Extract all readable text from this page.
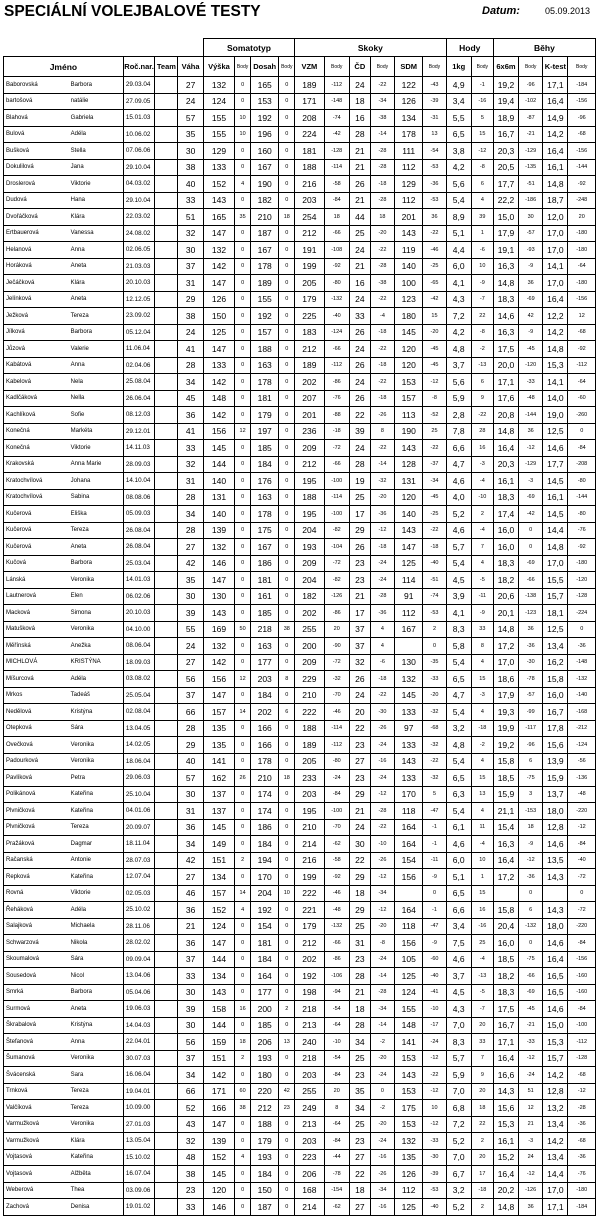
SPECIÁLNÍ VOLEJBALOVÉ TESTY	Datum:	05.09.2013
					Somatotyp				Skoky						Hody		Běhy			
Jméno		Roč.nar.	Team	Váha	Výška	Body	Dosah	Body	VZM	Body	ČD	Body	SDM	Body	1kg	Body	6x6m	Body	K-test	Body
Baborovská	Barbora	29.03.04		27	132	0	165	0	189	-112	24	-22	122	-43	4,9	-1	19,2	-96	17,1	-184
bartošová	natálie	27.09.05		24	124	0	153	0	171	-148	18	-34	126	-39	3,4	-16	19,4	-102	16,4	-156
Blahová	Gabriela	15.01.03		57	155	10	192	0	208	-74	16	-38	134	-31	5,5	5	18,9	-87	14,9	-96
Bulová	Adéla	10.06.02		35	155	10	196	0	224	-42	28	-14	178	13	6,5	15	16,7	-21	14,2	-68
Bušková	Stella	07.06.06		30	129	0	160	0	181	-128	21	-28	111	-54	3,8	-12	20,3	-129	16,4	-156
Dokulilová	Jana	29.10.04		38	133	0	167	0	188	-114	21	-28	112	-53	4,2	-8	20,5	-135	16,1	-144
Droslerová	Viktorie	04.03.02		40	152	4	190	0	216	-58	26	-18	129	-36	5,6	6	17,7	-51	14,8	-92
Dudová	Hana	29.10.04		33	143	0	182	0	203	-84	21	-28	112	-53	5,4	4	22,2	-186	18,7	-248
Dvořáčková	Klára	22.03.02		51	165	35	210	18	254	18	44	18	201	36	8,9	39	15,0	30	12,0	20
Ertbauerová	Vanessa	24.08.02		32	147	0	187	0	212	-66	25	-20	143	-22	5,1	1	17,9	-57	17,0	-180
Helanová	Anna	02.06.05		30	132	0	167	0	191	-108	24	-22	119	-46	4,4	-6	19,1	-93	17,0	-180
Horáková	Aneta	21.03.03		37	142	0	178	0	199	-92	21	-28	140	-25	6,0	10	16,3	-9	14,1	-64
Ječáčková	Klára	20.10.03		31	147	0	189	0	205	-80	16	-38	100	-65	4,1	-9	14,8	36	17,0	-180
Jelínková	Aneta	12.12.05		29	126	0	155	0	179	-132	24	-22	123	-42	4,3	-7	18,3	-69	16,4	-156
Ježková	Tereza	23.09.02		38	150	0	192	0	225	-40	33	-4	180	15	7,2	22	14,6	42	12,2	12
Jílková	Barbora	05.12.04		24	125	0	157	0	183	-124	26	-18	145	-20	4,2	-8	16,3	-9	14,2	-68
Jůzová	Valerie	11.06.04		41	147	0	188	0	212	-66	24	-22	120	-45	4,8	-2	17,5	-45	14,8	-92
Kabátová	Anna	02.04.06		28	133	0	163	0	189	-112	26	-18	120	-45	3,7	-13	20,0	-120	15,3	-112
Kabelová	Nela	25.08.04		34	142	0	178	0	202	-86	24	-22	153	-12	5,6	6	17,1	-33	14,1	-64
Kadlčáková	Nella	26.06.04		45	148	0	181	0	207	-76	26	-18	157	-8	5,9	9	17,6	-48	14,0	-60
Kachlíková	Sofie	08.12.03		36	142	0	179	0	201	-88	22	-26	113	-52	2,8	-22	20,8	-144	19,0	-260
Konečná	Markéta	29.12.01		41	156	12	197	0	236	-18	39	8	190	25	7,8	28	14,8	36	12,5	0
Konečná	Viktorie	14.11.03		33	145	0	185	0	209	-72	24	-22	143	-22	6,6	16	16,4	-12	14,6	-84
Krakovská	Anna Marie	28.09.03		32	144	0	184	0	212	-66	28	-14	128	-37	4,7	-3	20,3	-129	17,7	-208
Kratochvílová	Johana	14.10.04		31	140	0	176	0	195	-100	19	-32	131	-34	4,6	-4	16,1	-3	14,5	-80
Kratochvílová	Sabina	08.08.06		28	131	0	163	0	188	-114	25	-20	120	-45	4,0	-10	18,3	-69	16,1	-144
Kučerová	Eliška	05.09.03		34	140	0	178	0	195	-100	17	-36	140	-25	5,2	2	17,4	-42	14,5	-80
Kučerová	Tereza	26.08.04		28	139	0	175	0	204	-82	29	-12	143	-22	4,6	-4	16,0	0	14,4	-76
Kučerová	Aneta	26.08.04		27	132	0	167	0	193	-104	26	-18	147	-18	5,7	7	16,0	0	14,8	-92
Kučová	Barbora	25.03.04		42	146	0	186	0	209	-72	23	-24	125	-40	5,4	4	18,3	-69	17,0	-180
Lánská	Veronika	14.01.03		35	147	0	181	0	204	-82	23	-24	114	-51	4,5	-5	18,2	-66	15,5	-120
Lautnerová	Elen	06.02.06		30	130	0	161	0	182	-126	21	-28	91	-74	3,9	-11	20,6	-138	15,7	-128
Macková	Simona	20.10.03		39	143	0	185	0	202	-86	17	-36	112	-53	4,1	-9	20,1	-123	18,1	-224
Matušková	Veronika	04.10.00		55	169	50	218	38	255	20	37	4	167	2	8,3	33	14,8	36	12,5	0
Měřínská	Anežka	08.06.04		24	132	0	163	0	200	-90	37	4		0	5,8	8	17,2	-36	13,4	-36
MICHLOVÁ	KRISTÝNA	18.09.03		27	142	0	177	0	209	-72	32	-6	130	-35	5,4	4	17,0	-30	16,2	-148
Míšurcová	Adéla	03.08.02		56	156	12	203	8	229	-32	26	-18	132	-33	6,5	15	18,6	-78	15,8	-132
Mrkos	Tadeáš	25.05.04		37	147	0	184	0	210	-70	24	-22	145	-20	4,7	-3	17,9	-57	16,0	-140
Nedělová	Kristýna	02.08.04		66	157	14	202	6	222	-46	20	-30	133	-32	5,4	4	19,3	-99	16,7	-168
Otepková	Sára	13.04.05		28	135	0	166	0	188	-114	22	-26	97	-68	3,2	-18	19,9	-117	17,8	-212
Ovečková	Veronika	14.02.05		29	135	0	166	0	189	-112	23	-24	133	-32	4,8	-2	19,2	-96	15,6	-124
Padourková	Veronika	18.06.04		40	141	0	178	0	205	-80	27	-16	143	-22	5,4	4	15,8	6	13,9	-56
Pavlíková	Petra	29.06.03		57	162	26	210	18	233	-24	23	-24	133	-32	6,5	15	18,5	-75	15,9	-136
Polikánová	Kateřina	25.10.04		30	137	0	174	0	203	-84	29	-12	170	5	6,3	13	15,9	3	13,7	-48
Plvničková	Kateřina	04.01.06		31	137	0	174	0	195	-100	21	-28	118	-47	5,4	4	21,1	-153	18,0	-220
Plvničková	Tereza	20.09.07		36	145	0	186	0	210	-70	24	-22	164	-1	6,1	11	15,4	18	12,8	-12
Pražáková	Dagmar	18.11.04		34	149	0	184	0	214	-62	30	-10	164	-1	4,6	-4	16,3	-9	14,6	-84
Račanská	Antonie	28.07.03		42	151	2	194	0	216	-58	22	-26	154	-11	6,0	10	16,4	-12	13,5	-40
Repková	Kateřina	12.07.04		27	134	0	170	0	199	-92	29	-12	156	-9	5,1	1	17,2	-36	14,3	-72
Rovná	Viktorie	02.05.03		46	157	14	204	10	222	-46	18	-34		0	6,5	15		0		0
Řeháková	Adéla	25.10.02		36	152	4	192	0	221	-48	29	-12	164	-1	6,6	16	15,8	6	14,3	-72
Salajková	Michaela	28.11.06		21	124	0	154	0	179	-132	25	-20	118	-47	3,4	-16	20,4	-132	18,0	-220
Schwarzová	Nikola	28.02.02		36	147	0	181	0	212	-66	31	-8	156	-9	7,5	25	16,0	0	14,6	-84
Skoumalová	Sára	09.09.04		37	144	0	184	0	202	-86	23	-24	105	-60	4,6	-4	18,5	-75	16,4	-156
Sousedová	Nicol	13.04.06		33	134	0	164	0	192	-106	28	-14	125	-40	3,7	-13	18,2	-66	16,5	-160
Smrká	Barbora	05.04.06		30	143	0	177	0	198	-94	21	-28	124	-41	4,5	-5	18,3	-69	16,5	-160
Surmová	Aneta	19.06.03		39	158	16	200	2	218	-54	18	-34	155	-10	4,3	-7	17,5	-45	14,6	-84
Škrabalová	Kristýna	14.04.03		30	144	0	185	0	213	-64	28	-14	148	-17	7,0	20	16,7	-21	15,0	-100
Štefanová	Anna	22.04.01		56	159	18	206	13	240	-10	34	-2	141	-24	8,3	33	17,1	-33	15,3	-112
Šumanová	Veronika	30.07.03		37	151	2	193	0	218	-54	25	-20	153	-12	5,7	7	16,4	-12	15,7	-128
Švácenská	Sara	16.06.04		34	142	0	180	0	203	-84	23	-24	143	-22	5,9	9	16,6	-24	14,2	-68
Trnková	Tereza	19.04.01		66	171	60	220	42	255	20	35	0	153	-12	7,0	20	14,3	51	12,8	-12
Valčíková	Tereza	10.09.00		52	166	38	212	23	249	8	34	-2	175	10	6,8	18	15,6	12	13,2	-28
Varmužková	Veronika	27.01.03		43	147	0	188	0	213	-64	25	-20	153	-12	7,2	22	15,3	21	13,4	-36
Varmužková	Klára	13.05.04		32	139	0	179	0	203	-84	23	-24	132	-33	5,2	2	16,1	-3	14,2	-68
Vojtasová	Kateřina	15.10.02		48	152	4	193	0	223	-44	27	-16	135	-30	7,0	20	15,2	24	13,4	-36
Vojtasová	Alžběta	16.07.04		38	145	0	184	0	206	-78	22	-26	126	-39	6,7	17	16,4	-12	14,4	-76
Weberová	Thea	03.09.06		23	120	0	150	0	168	-154	18	-34	112	-53	3,2	-18	20,2	-126	17,0	-180
Zachová	Denisa	19.01.02		33	146	0	187	0	214	-62	27	-16	125	-40	5,2	2	14,8	36	17,1	-184
